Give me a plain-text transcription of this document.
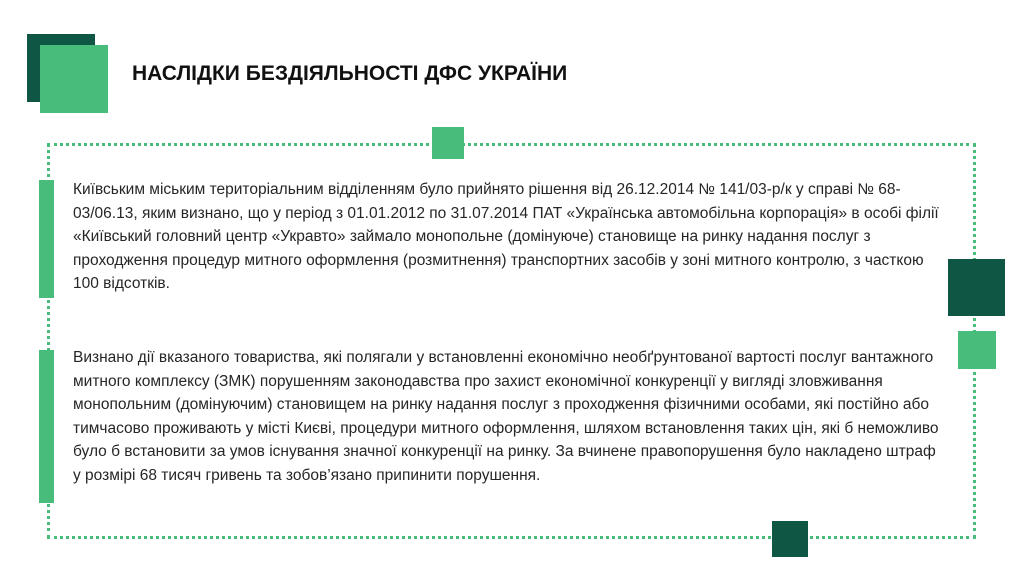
НАСЛІДКИ БЕЗДІЯЛЬНОСТІ ДФС УКРАЇНИ
Київським міським територіальним відділенням було прийнято рішення від 26.12.2014 № 141/03-р/к у справі № 68-03/06.13, яким визнано, що у період з 01.01.2012 по 31.07.2014 ПАТ «Українська автомобільна корпорація» в особі філії «Київський головний центр «Укравто» займало монопольне (домінуюче) становище на ринку надання послуг з проходження процедур митного оформлення (розмитнення) транспортних засобів у зоні митного контролю, з часткою 100 відсотків.
Визнано дії вказаного товариства, які полягали у встановленні економічно необґрунтованої вартості послуг вантажного митного комплексу (ЗМК) порушенням законодавства про захист економічної конкуренції у вигляді зловживання монопольним (домінуючим) становищем на ринку надання послуг з проходження фізичними особами, які постійно або тимчасово проживають у місті Києві, процедури митного оформлення, шляхом встановлення таких цін, які б неможливо було б встановити за умов існування значної конкуренції на ринку. За вчинене правопорушення було накладено штраф у розмірі 68 тисяч гривень та зобов’язано припинити порушення.
